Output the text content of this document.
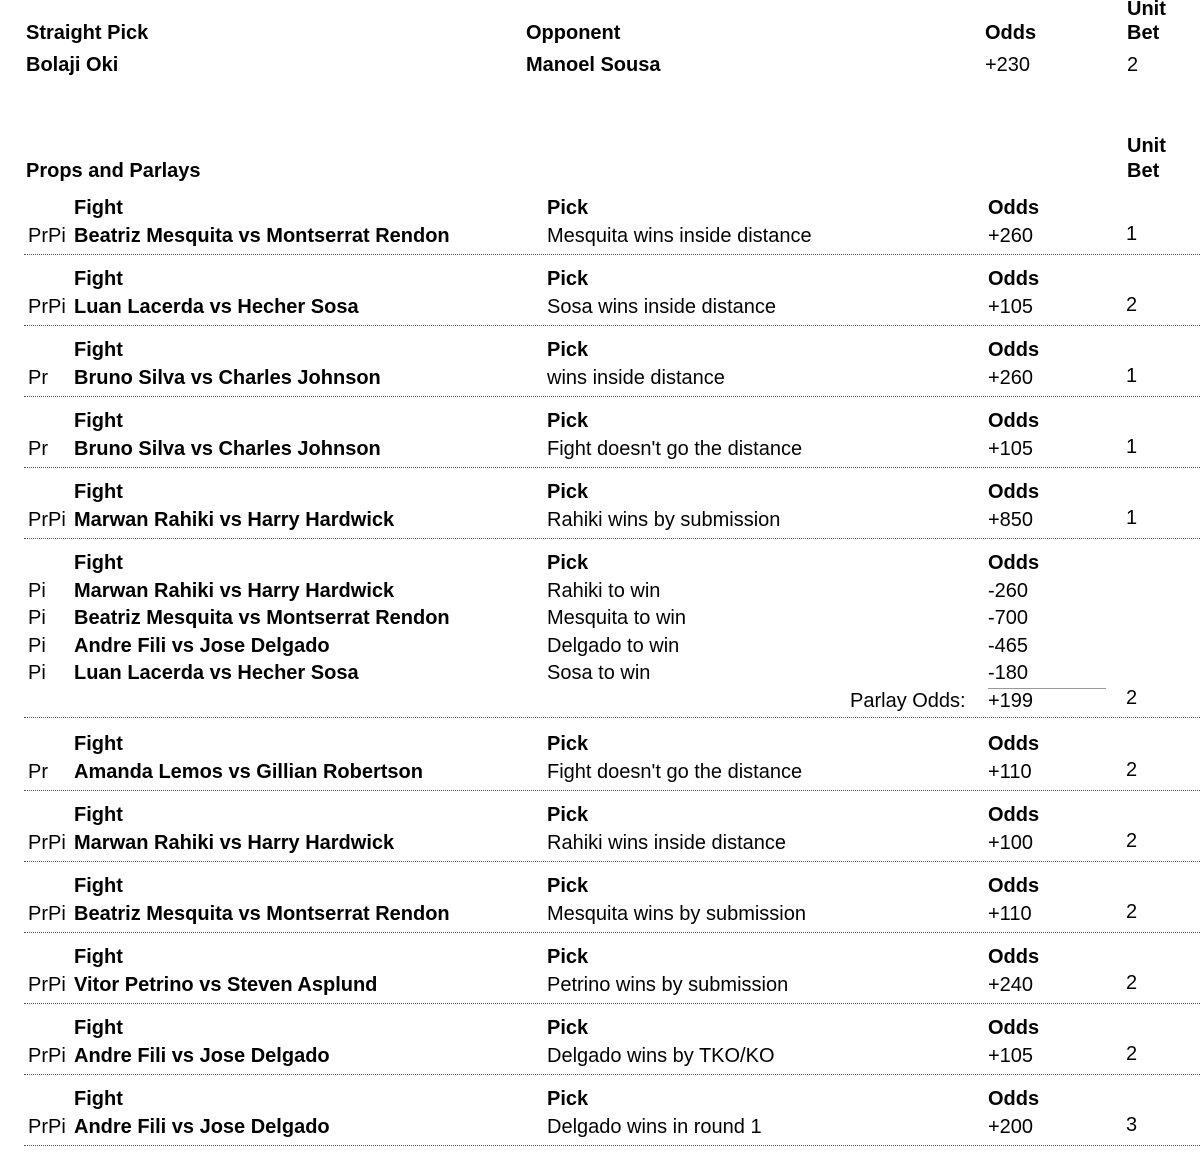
Unit
Straight Pick	Opponent	Odds	Bet
Bolaji Oki	Manoel Sousa	+230	2
Unit
Props and Parlays	Bet
Fight	Pick	Odds
PrPi Beatriz Mesquita vs Montserrat Rendon	Mesquita wins inside distance	+260	1
Fight	Pick	Odds
PrPi Luan Lacerda vs Hecher Sosa	Sosa wins inside distance	+105	2
Fight	Pick	Odds
Pr Bruno Silva vs Charles Johnson	wins inside distance	+260	1
Fight	Pick	Odds
Pr Bruno Silva vs Charles Johnson	Fight doesn't go the distance	+105	1
Fight	Pick	Odds
PrPi Marwan Rahiki vs Harry Hardwick	Rahiki wins by submission	+850	1
Fight	Pick	Odds
Pi Marwan Rahiki vs Harry Hardwick	Rahiki to win	-260
Pi Beatriz Mesquita vs Montserrat Rendon	Mesquita to win	-700
Pi Andre Fili vs Jose Delgado	Delgado to win	-465
Pi Luan Lacerda vs Hecher Sosa	Sosa to win	-180
Parlay Odds: +199	2
Fight	Pick	Odds
Pr Amanda Lemos vs Gillian Robertson	Fight doesn't go the distance	+110	2
Fight	Pick	Odds
PrPi Marwan Rahiki vs Harry Hardwick	Rahiki wins inside distance	+100	2
Fight	Pick	Odds
PrPi Beatriz Mesquita vs Montserrat Rendon	Mesquita wins by submission	+110	2
Fight	Pick	Odds
PrPi Vitor Petrino vs Steven Asplund	Petrino wins by submission	+240	2
Fight	Pick	Odds
PrPi Andre Fili vs Jose Delgado	Delgado wins by TKO/KO	+105	2
Fight	Pick	Odds
PrPi Andre Fili vs Jose Delgado	Delgado wins in round 1	+200	3
